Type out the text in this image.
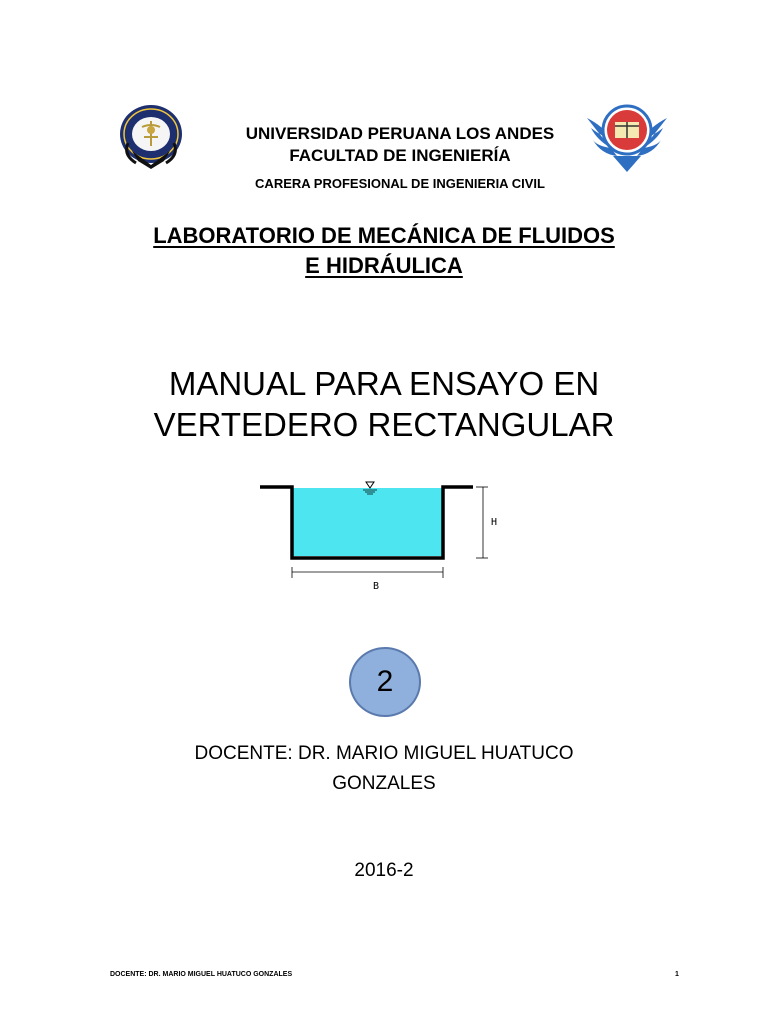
UNIVERSIDAD PERUANA LOS ANDES
FACULTAD DE INGENIERÍA
CARERA PROFESIONAL DE INGENIERIA CIVIL
LABORATORIO DE MECÁNICA DE FLUIDOS
E HIDRÁULICA
MANUAL PARA ENSAYO EN
VERTEDERO RECTANGULAR
H
B
2
DOCENTE: DR. MARIO MIGUEL HUATUCO
GONZALES
2016-2
DOCENTE: DR. MARIO MIGUEL HUATUCO GONZALES	1
